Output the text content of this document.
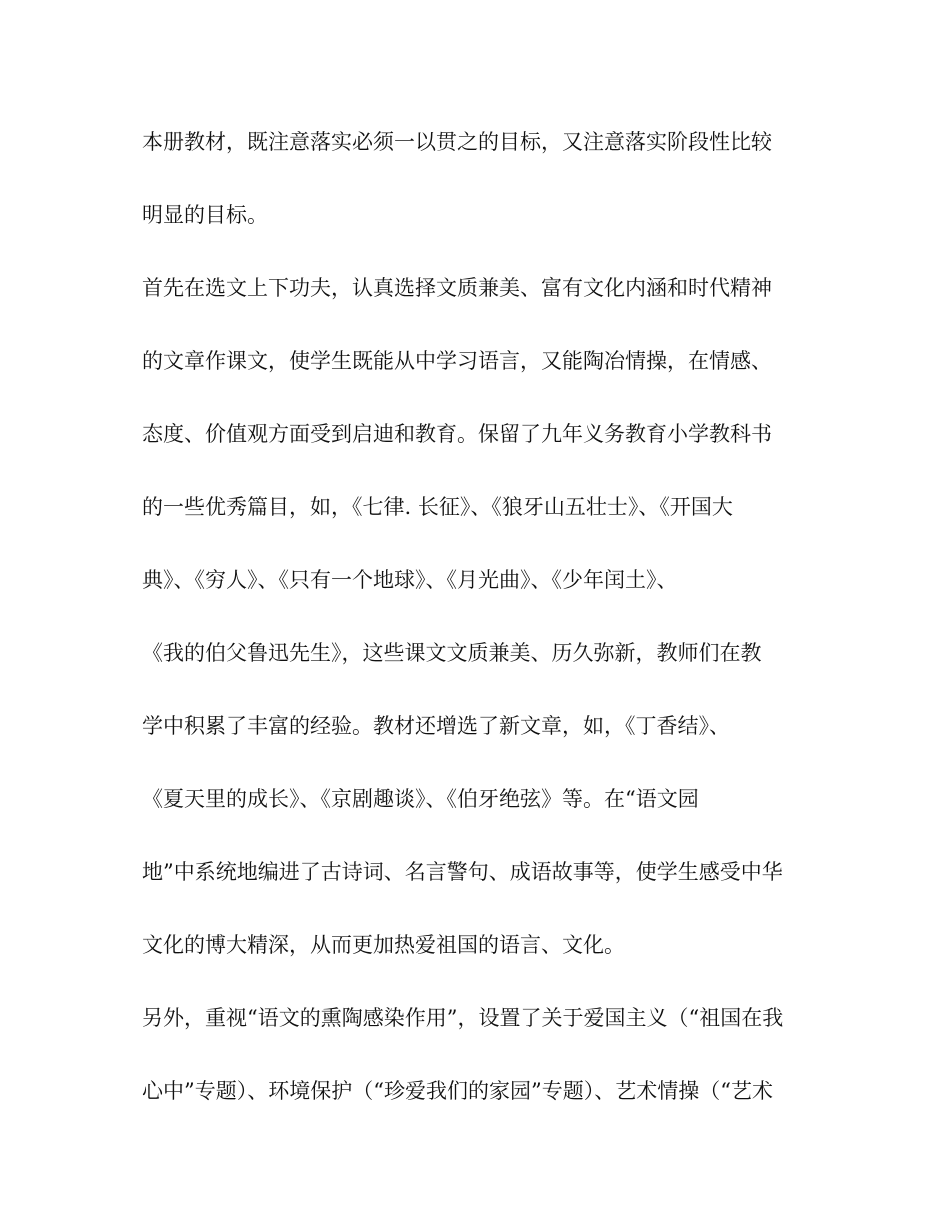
本册教材，既注意落实必须一以贯之的目标，又注意落实阶段性比较
明显的目标。
首先在选文上下功夫，认真选择文质兼美、富有文化内涵和时代精神
的文章作课文，使学生既能从中学习语言，又能陶冶情操，在情感、
态度、价值观方面受到启迪和教育。保留了九年义务教育小学教科书
的一些优秀篇目，如，《七律. 长征》、《狼牙山五壮士》、《开国大
典》、《穷人》、《只有一个地球》、《月光曲》、《少年闰土》、
《我的伯父鲁迅先生》，这些课文文质兼美、历久弥新，教师们在教
学中积累了丰富的经验。教材还增选了新文章，如，《丁香结》、
《夏天里的成长》、《京剧趣谈》、《伯牙绝弦》等。在“语文园
地”中系统地编进了古诗词、名言警句、成语故事等，使学生感受中华
文化的博大精深，从而更加热爱祖国的语言、文化。
另外，重视“语文的熏陶感染作用”，设置了关于爱国主义（“祖国在我
心中”专题）、环境保护（“珍爱我们的家园”专题）、艺术情操（“艺术
